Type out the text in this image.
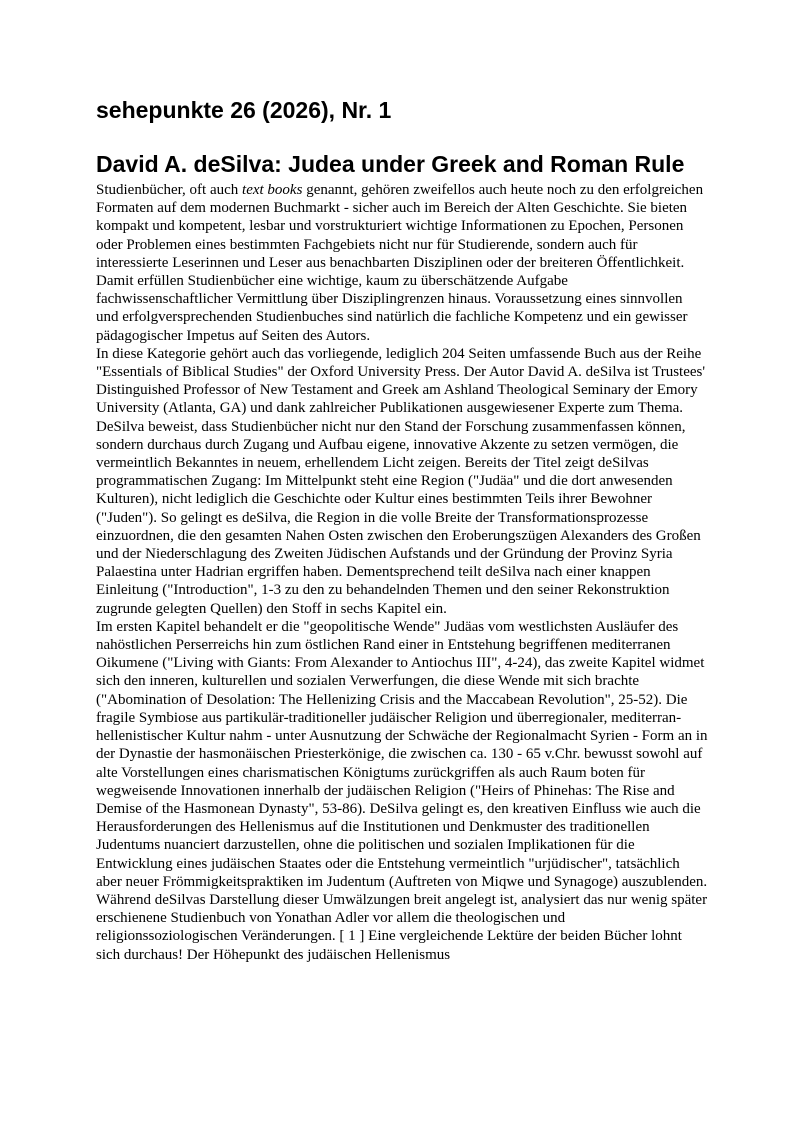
sehepunkte 26 (2026), Nr. 1
David A. deSilva: Judea under Greek and Roman Rule

Studienbücher, oft auch text books genannt, gehören zweifellos auch heute noch zu den erfolgreichen Formaten auf dem modernen Buchmarkt - sicher auch im Bereich der Alten Geschichte. Sie bieten kompakt und kompetent, lesbar und vorstrukturiert wichtige Informationen zu Epochen, Personen oder Problemen eines bestimmten Fachgebiets nicht nur für Studierende, sondern auch für interessierte Leserinnen und Leser aus benachbarten Disziplinen oder der breiteren Öffentlichkeit. Damit erfüllen Studienbücher eine wichtige, kaum zu überschätzende Aufgabe fachwissenschaftlicher Vermittlung über Disziplingrenzen hinaus. Voraussetzung eines sinnvollen und erfolgversprechenden Studienbuches sind natürlich die fachliche Kompetenz und ein gewisser pädagogischer Impetus auf Seiten des Autors.

In diese Kategorie gehört auch das vorliegende, lediglich 204 Seiten umfassende Buch aus der Reihe "Essentials of Biblical Studies" der Oxford University Press. Der Autor David A. deSilva ist Trustees' Distinguished Professor of New Testament and Greek am Ashland Theological Seminary der Emory University (Atlanta, GA) und dank zahlreicher Publikationen ausgewiesener Experte zum Thema.

DeSilva beweist, dass Studienbücher nicht nur den Stand der Forschung zusammenfassen können, sondern durchaus durch Zugang und Aufbau eigene, innovative Akzente zu setzen vermögen, die vermeintlich Bekanntes in neuem, erhellendem Licht zeigen. Bereits der Titel zeigt deSilvas programmatischen Zugang: Im Mittelpunkt steht eine Region ("Judäa" und die dort anwesenden Kulturen), nicht lediglich die Geschichte oder Kultur eines bestimmten Teils ihrer Bewohner ("Juden"). So gelingt es deSilva, die Region in die volle Breite der Transformationsprozesse einzuordnen, die den gesamten Nahen Osten zwischen den Eroberungszügen Alexanders des Großen und der Niederschlagung des Zweiten Jüdischen Aufstands und der Gründung der Provinz Syria Palaestina unter Hadrian ergriffen haben. Dementsprechend teilt deSilva nach einer knappen Einleitung ("Introduction", 1-3 zu den zu behandelnden Themen und den seiner Rekonstruktion zugrunde gelegten Quellen) den Stoff in sechs Kapitel ein.

Im ersten Kapitel behandelt er die "geopolitische Wende" Judäas vom westlichsten Ausläufer des nahöstlichen Perserreichs hin zum östlichen Rand einer in Entstehung begriffenen mediterranen Oikumene ("Living with Giants: From Alexander to Antiochus III", 4-24), das zweite Kapitel widmet sich den inneren, kulturellen und sozialen Verwerfungen, die diese Wende mit sich brachte ("Abomination of Desolation: The Hellenizing Crisis and the Maccabean Revolution", 25-52). Die fragile Symbiose aus partikulär-traditioneller judäischer Religion und überregionaler, mediterran-hellenistischer Kultur nahm - unter Ausnutzung der Schwäche der Regionalmacht Syrien - Form an in der Dynastie der hasmonäischen Priesterkönige, die zwischen ca. 130 - 65 v.Chr. bewusst sowohl auf alte Vorstellungen eines charismatischen Königtums zurückgriffen als auch Raum boten für wegweisende Innovationen innerhalb der judäischen Religion ("Heirs of Phinehas: The Rise and Demise of the Hasmonean Dynasty", 53-86). DeSilva gelingt es, den kreativen Einfluss wie auch die Herausforderungen des Hellenismus auf die Institutionen und Denkmuster des traditionellen Judentums nuanciert darzustellen, ohne die politischen und sozialen Implikationen für die Entwicklung eines judäischen Staates oder die Entstehung vermeintlich "urjüdischer", tatsächlich aber neuer Frömmigkeitspraktiken im Judentum (Auftreten von Miqwe und Synagoge) auszublenden. Während deSilvas Darstellung dieser Umwälzungen breit angelegt ist, analysiert das nur wenig später erschienene Studienbuch von Yonathan Adler vor allem die theologischen und religionssoziologischen Veränderungen. [ 1 ] Eine vergleichende Lektüre der beiden Bücher lohnt sich durchaus! Der Höhepunkt des judäischen Hellenismus
